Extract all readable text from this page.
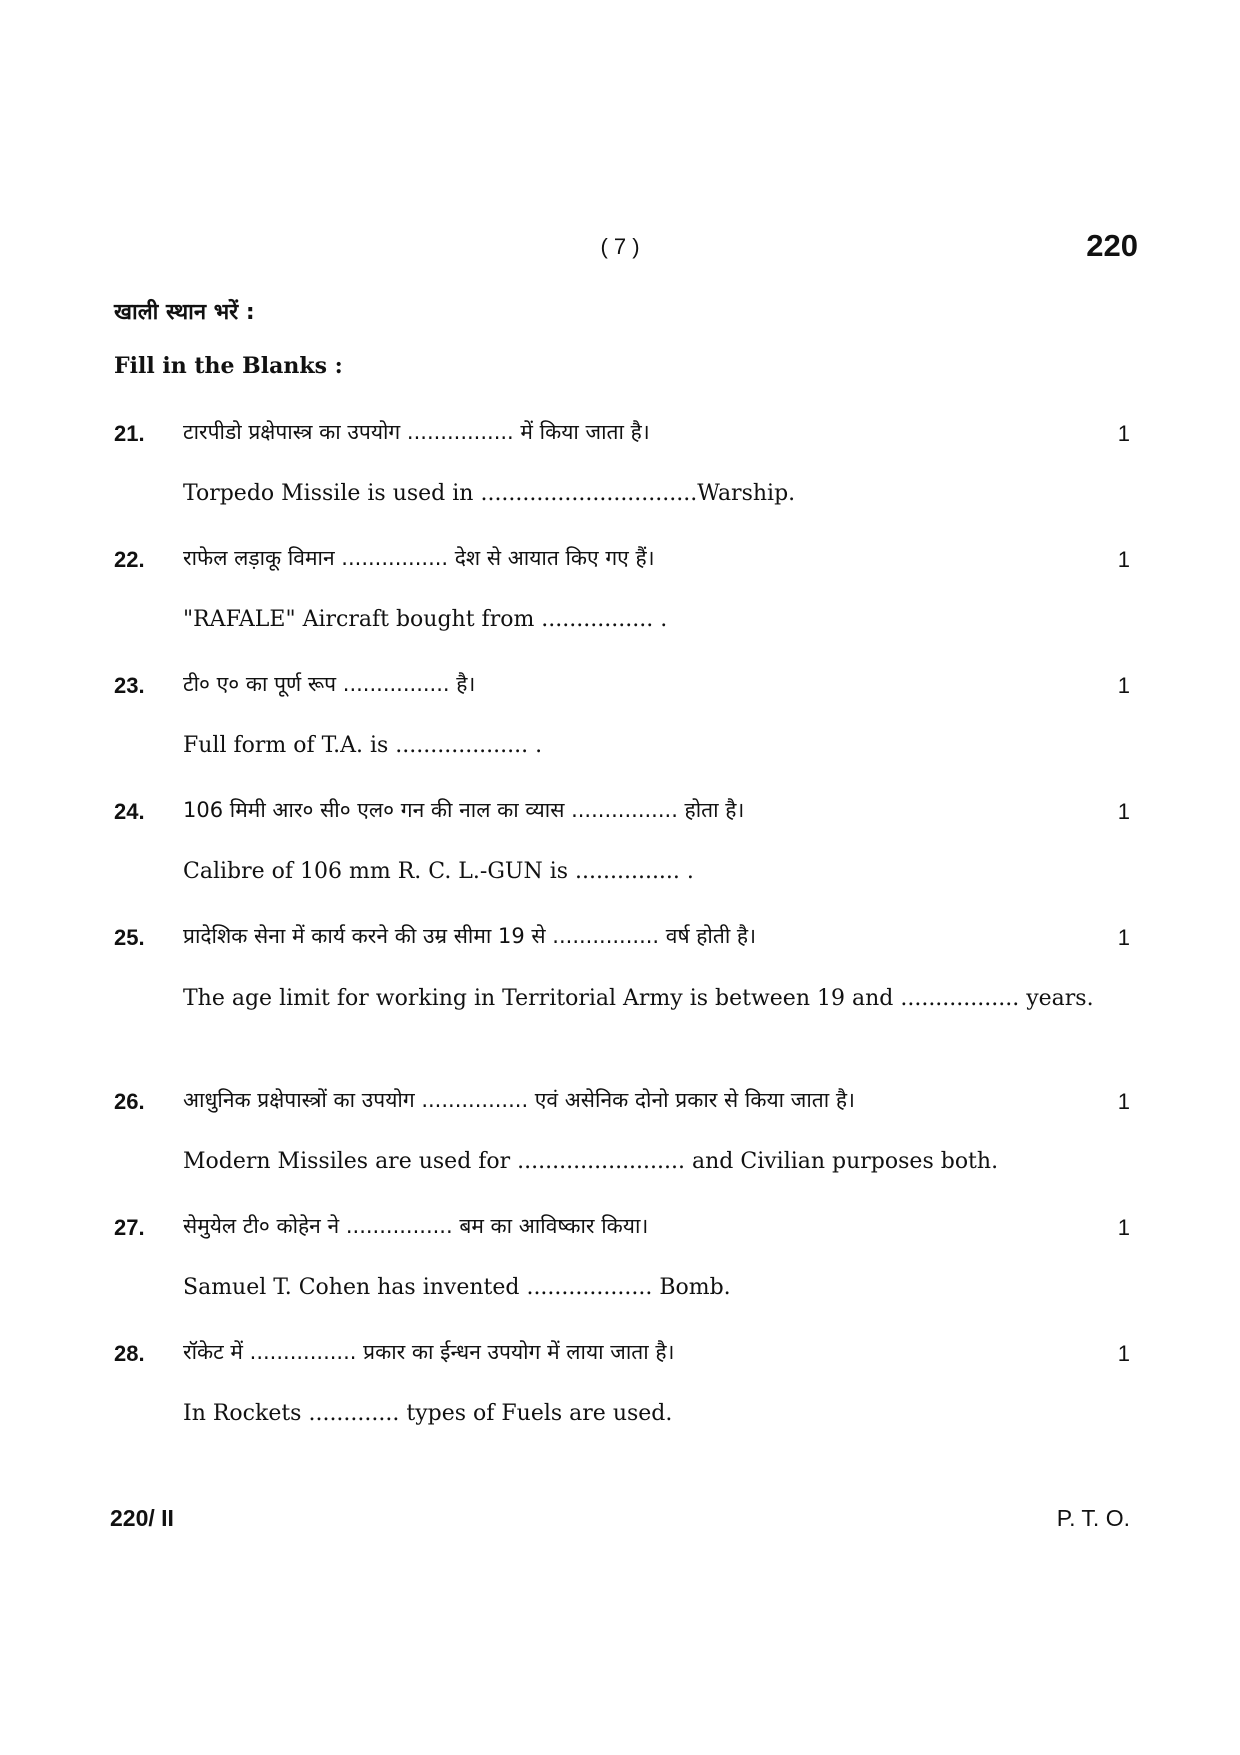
( 7 )	220
खाली स्थान भरें :
Fill in the Blanks :
21. टारपीडो प्रक्षेपास्त्र का उपयोग ................ में किया जाता है।	1
Torpedo Missile is used in ...............................Warship.
22. राफेल लड़ाकू विमान ................ देश से आयात किए गए हैं।	1
"RAFALE" Aircraft bought from ................ .
23. टी० ए० का पूर्ण रूप ................ है।	1
Full form of T.A. is ................... .
24. 106 मिमी आर० सी० एल० गन की नाल का व्यास ................ होता है।	1
Calibre of 106 mm R. C. L.-GUN is ............... .
25. प्रादेशिक सेना में कार्य करने की उम्र सीमा 19 से ................ वर्ष होती है।	1
The age limit for working in Territorial Army is between 19 and ................. years.
26. आधुनिक प्रक्षेपास्त्रों का उपयोग ................ एवं असेनिक दोनो प्रकार से किया जाता है।	1
Modern Missiles are used for ........................ and Civilian purposes both.
27. सेमुयेल टी० कोहेन ने ................ बम का आविष्कार किया।	1
Samuel T. Cohen has invented .................. Bomb.
28. रॉकेट में ................ प्रकार का ईन्धन उपयोग में लाया जाता है।	1
In Rockets ............. types of Fuels are used.
220/ II	P. T. O.
